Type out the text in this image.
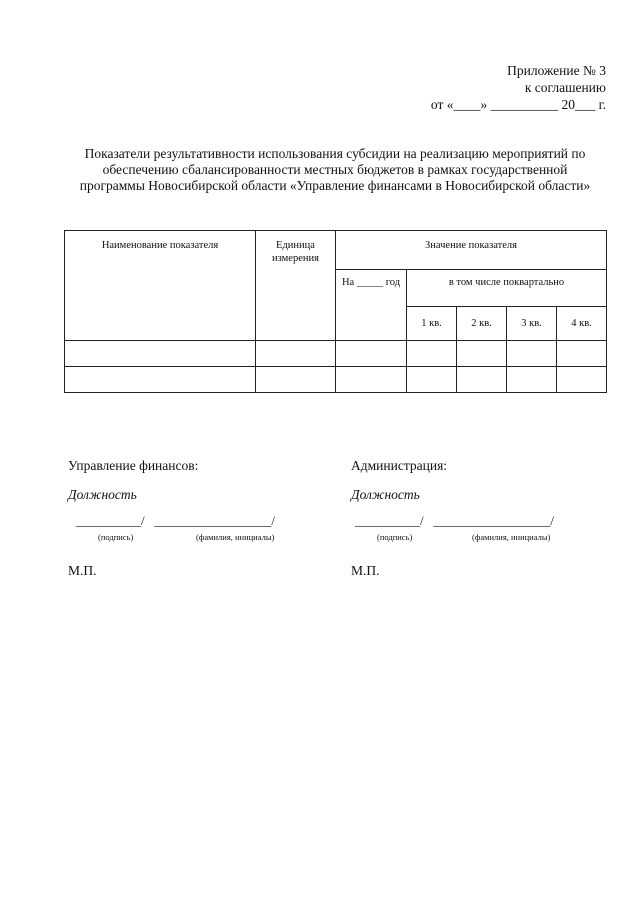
Приложение № 3
к соглашению
от «____» __________ 20___ г.
Показатели результативности использования субсидии на реализацию мероприятий по обеспечению сбалансированности местных бюджетов в рамках государственной программы Новосибирской области «Управление финансами в Новосибирской области»
Наименование показателя	Единица измерения	Значение показателя				
		На _____ год	в том числе поквартально			
			1 кв.	2 кв.	3 кв.	4 кв.

Управление финансов:
Должность
__________/   __________________/
(подпись)	(фамилия, инициалы)
М.П.
Администрация:
Должность
__________/   __________________/
(подпись)	(фамилия, инициалы)
М.П.
